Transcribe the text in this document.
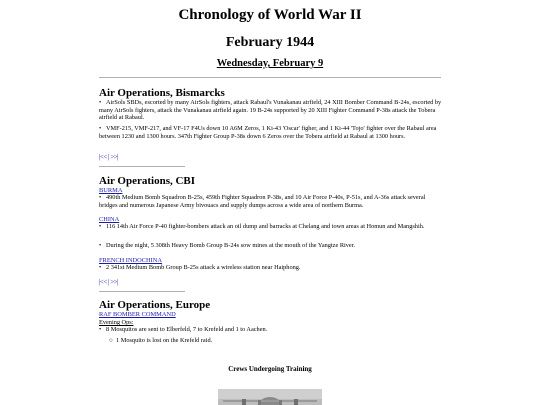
Chronology of World War II
February 1944
Wednesday, February 9
Air Operations, Bismarcks
• AirSols SBDs, escorted by many AirSols fighters, attack Rabaul's Vunakanau airfield, 24 XIII Bomber Command B-24s, escorted by many AirSols fighters, attack the Vunakanau airfield again. 19 B-24s supported by 20 XIII Fighter Command P-38s attack the Tobera airfield at Rabaul.
• VMF-215, VMF-217, and VF-17 F4Us down 10 A6M Zeros, 1 Ki-43 'Oscar' figher, and 1 Ki-44 'Tojo' fighter over the Rabaul area between 1230 and 1300 hours. 347th Fighter Group P-38s down 6 Zeros over the Tobera airfield at Rabaul at 1300 hours.
|<< | >>|
Air Operations, CBI
BURMA
• 490th Medium Bomb Squadron B-25s, 459th Fighter Squadron P-38s, and 10 Air Force P-40s, P-51s, and A-36s attack several bridges and numerous Japanese Army bivouacs and supply dumps across a wide area of northern Burma.
CHINA
• 116 14th Air Force P-40 fighter-bombers attack an oil dump and barracks at Chelang and town areas at Homun and Mangshih.
• During the night, 5 308th Heavy Bomb Group B-24s sow mines at the mouth of the Yangtze River.
FRENCH INDOCHINA
• 2 341st Medium Bomb Group B-25s attack a wireless station near Haiphong.
|<< | >>|
Air Operations, Europe
RAF BOMBER COMMAND
Evening Ops:
• 8 Mosquitos are sent to Elberfeld, 7 to Krefeld and 1 to Aachen.
○ 1 Mosquito is lost on the Krefeld raid.
Crews Undergoing Training
